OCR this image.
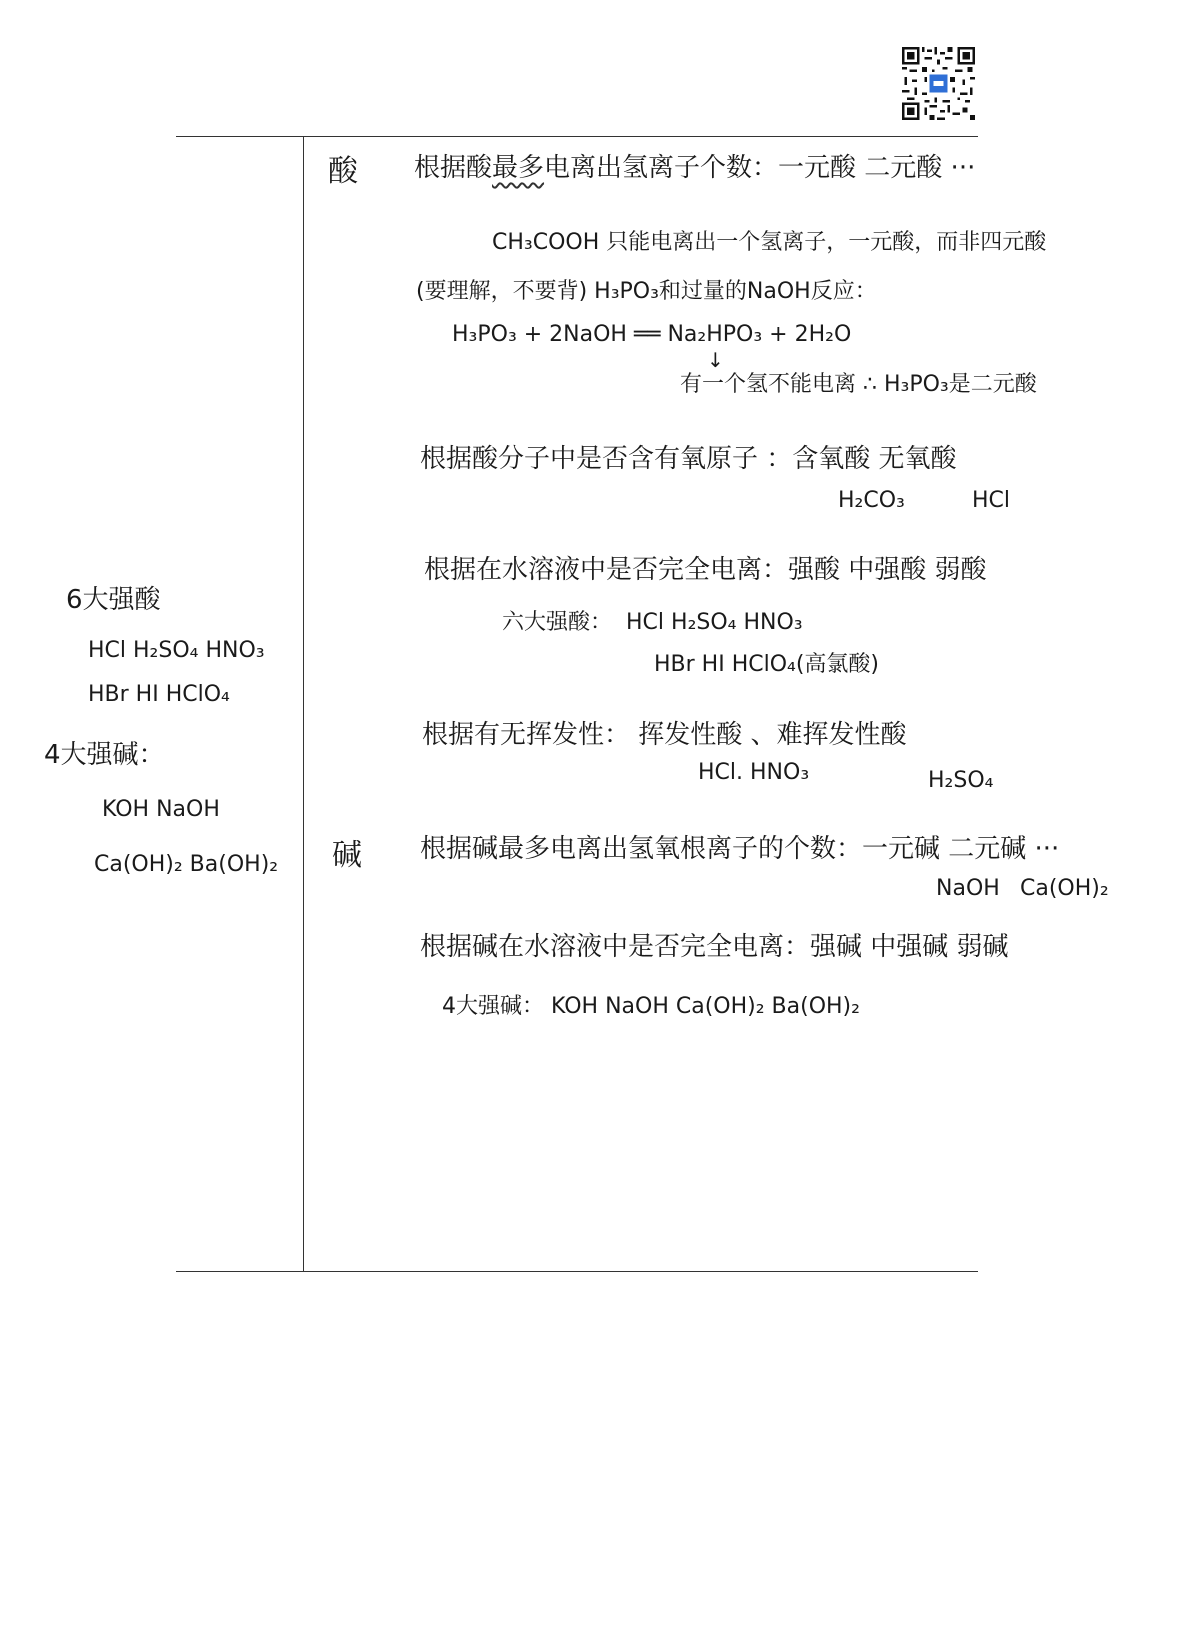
6大强酸
HCl H₂SO₄ HNO₃
HBr HI HClO₄
4大强碱：
KOH NaOH
Ca(OH)₂ Ba(OH)₂
酸 根据酸最多电离出氢离子个数：一元酸 二元酸 ···
CH₃COOH 只能电离出一个氢离子，一元酸，而非四元酸
(要理解，不要背) H₃PO₃和过量的NaOH反应：
H₃PO₃ + 2NaOH ══ Na₂HPO₃ + 2H₂O
↓
有一个氢不能电离 ∴ H₃PO₃是二元酸
根据酸分子中是否含有氧原子 ：含氧酸 无氧酸
H₂CO₃	HCl
根据在水溶液中是否完全电离：强酸 中强酸 弱酸
六大强酸： HCl H₂SO₄ HNO₃
HBr HI HClO₄(高氯酸)
根据有无挥发性： 挥发性酸 、难挥发性酸
HCl. HNO₃	H₂SO₄
碱 根据碱最多电离出氢氧根离子的个数：一元碱 二元碱 ···
NaOH Ca(OH)₂
根据碱在水溶液中是否完全电离：强碱 中强碱 弱碱
4大强碱： KOH NaOH Ca(OH)₂ Ba(OH)₂
